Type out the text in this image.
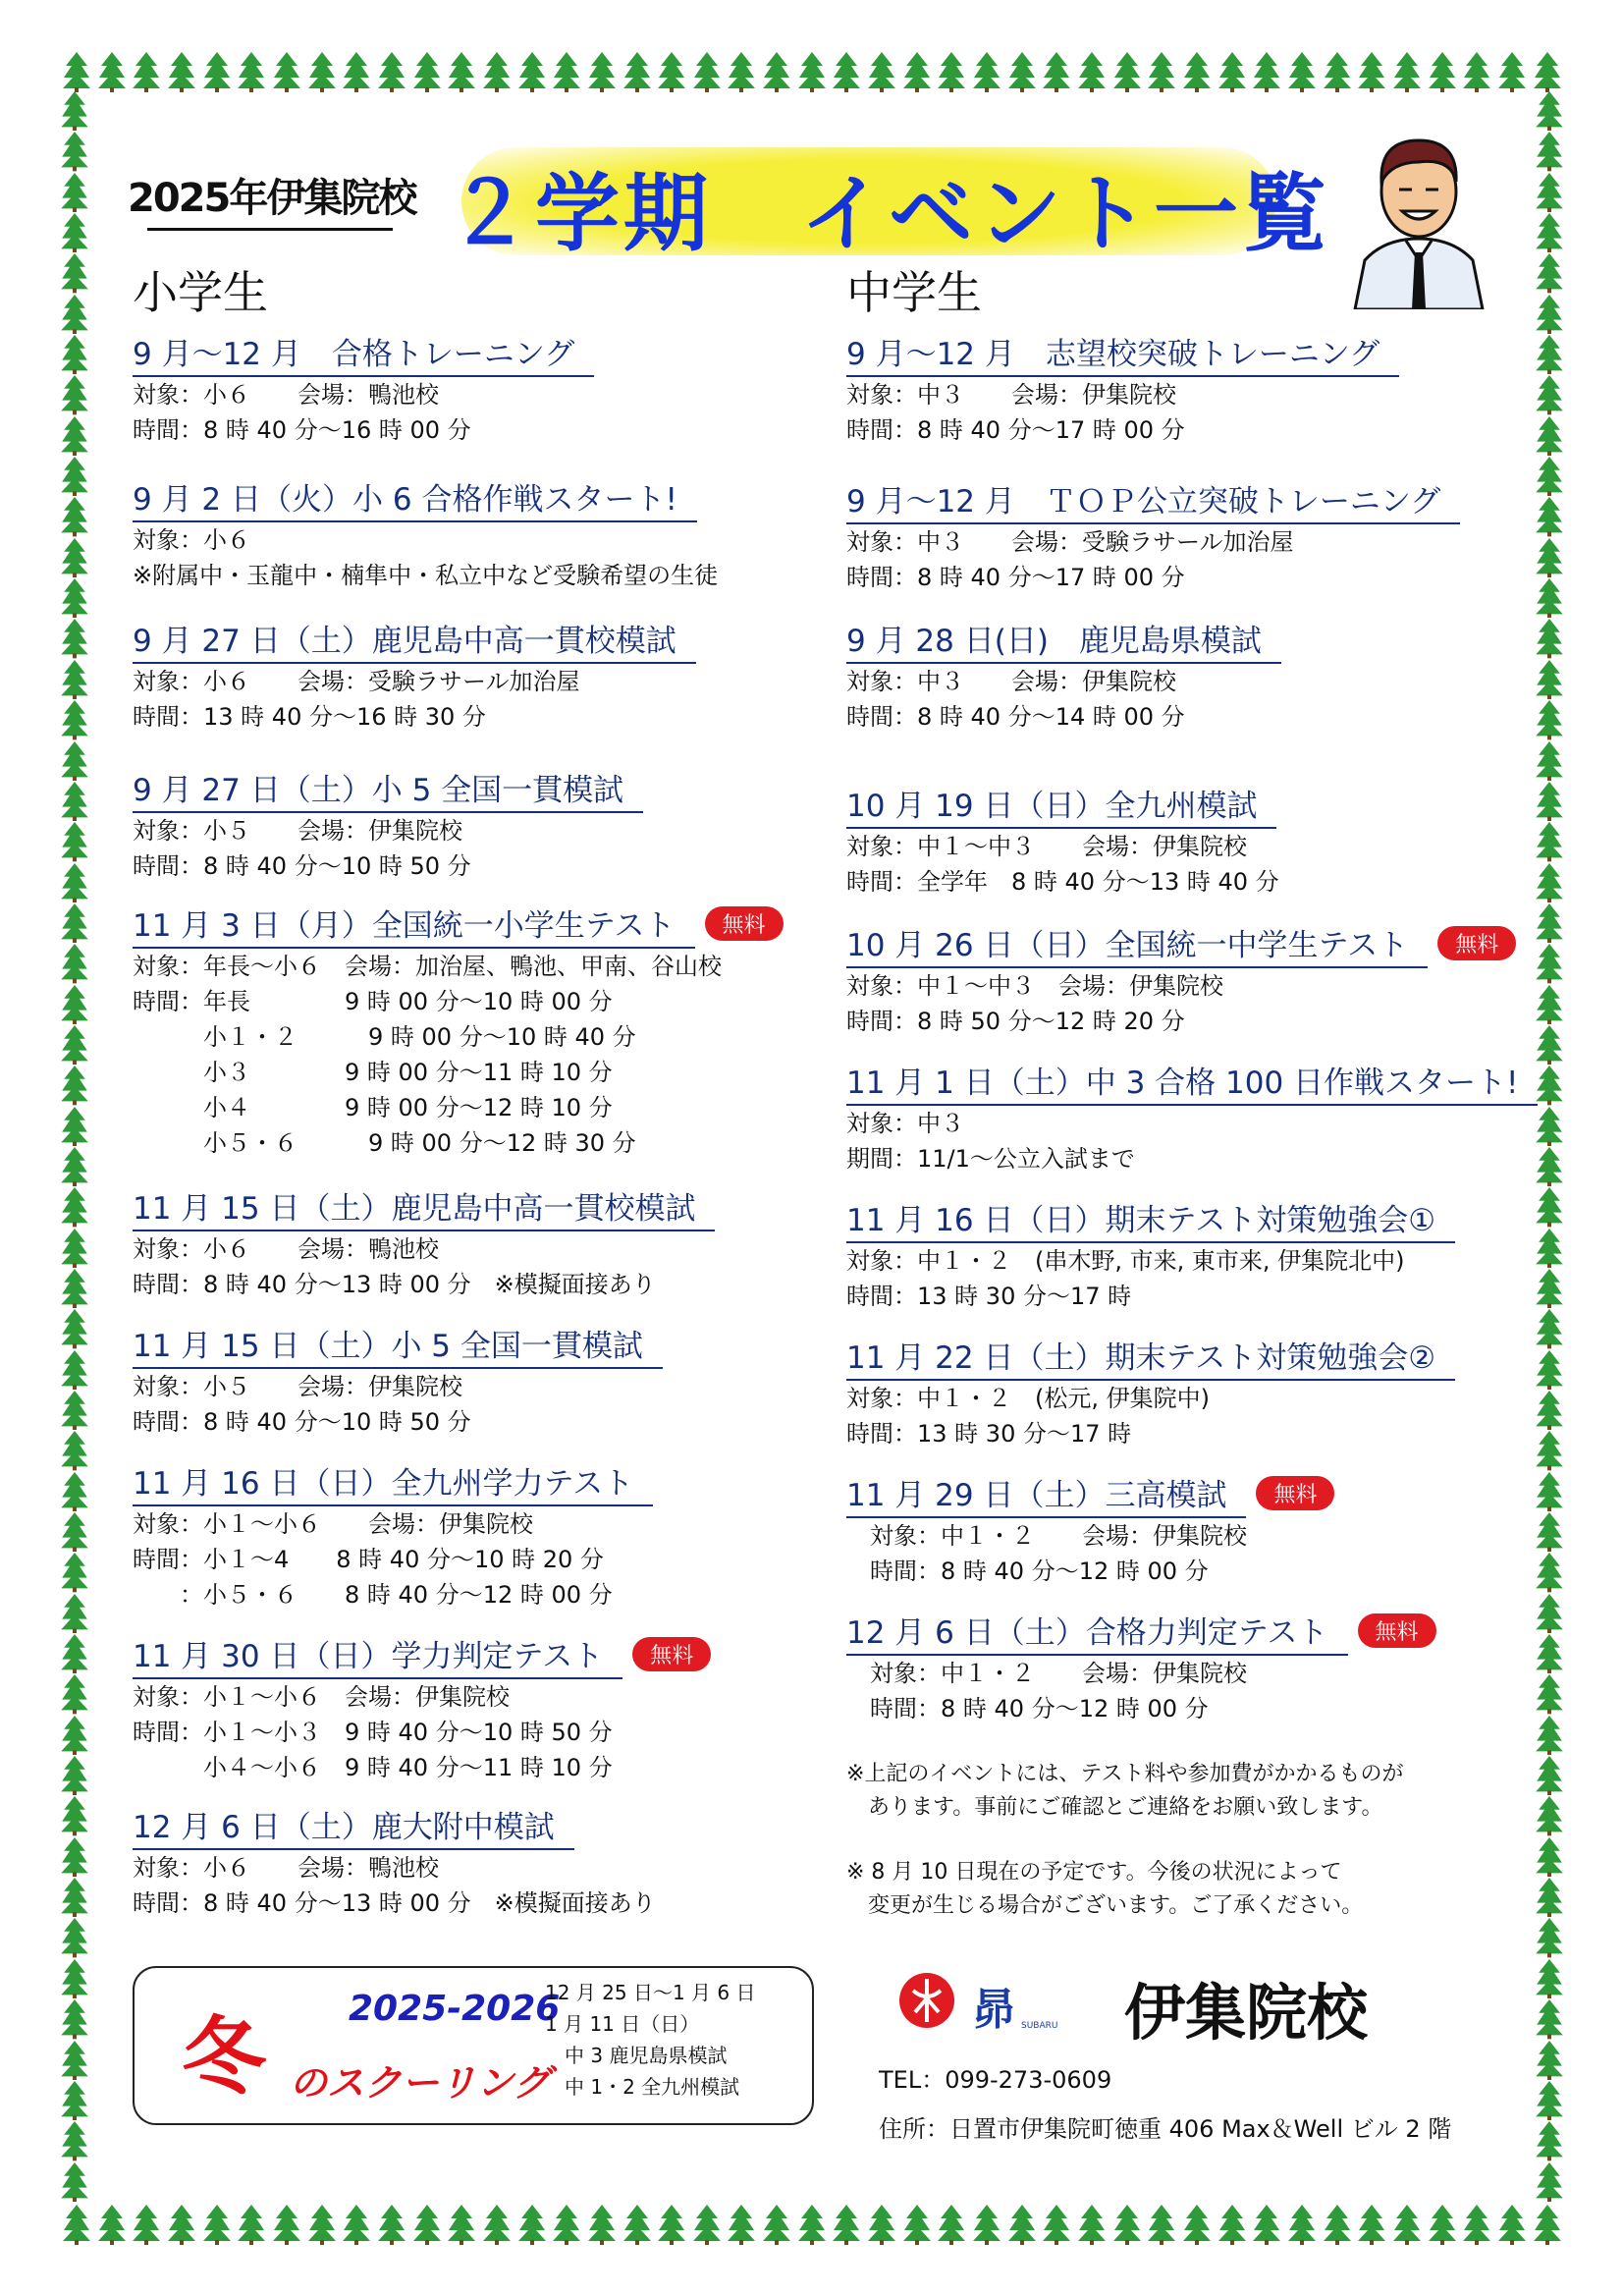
2025年伊集院校 ２学期　イベント一覧
小学生	中学生
9 月〜12 月　合格トレーニング
対象：小６　　会場：鴨池校
時間：8 時 40 分〜16 時 00 分
9 月 2 日（火）小 6 合格作戦スタート!
対象：小６
※附属中・玉龍中・楠隼中・私立中など受験希望の生徒
9 月 27 日（土）鹿児島中高一貫校模試
対象：小６　　会場：受験ラサール加治屋
時間：13 時 40 分〜16 時 30 分
9 月 27 日（土）小 5 全国一貫模試
対象：小５　　会場：伊集院校
時間：8 時 40 分〜10 時 50 分
11 月 3 日（月）全国統一小学生テスト 無料
対象：年長〜小６　会場：加治屋、鴨池、甲南、谷山校
時間：年長　　　　9 時 00 分〜10 時 00 分
　　　小１・２　　　9 時 00 分〜10 時 40 分
　　　小３　　　　9 時 00 分〜11 時 10 分
　　　小４　　　　9 時 00 分〜12 時 10 分
　　　小５・６　　　9 時 00 分〜12 時 30 分
11 月 15 日（土）鹿児島中高一貫校模試
対象：小６　　会場：鴨池校
時間：8 時 40 分〜13 時 00 分　※模擬面接あり
11 月 15 日（土）小 5 全国一貫模試
対象：小５　　会場：伊集院校
時間：8 時 40 分〜10 時 50 分
11 月 16 日（日）全九州学力テスト
対象：小１〜小６　　会場：伊集院校
時間：小１〜4　　8 時 40 分〜10 時 20 分
　　：小５・６　　8 時 40 分〜12 時 00 分
11 月 30 日（日）学力判定テスト 無料
対象：小１〜小６　会場：伊集院校
時間：小１〜小３　9 時 40 分〜10 時 50 分
　　　小４〜小６　9 時 40 分〜11 時 10 分
12 月 6 日（土）鹿大附中模試
対象：小６　　会場：鴨池校
時間：8 時 40 分〜13 時 00 分　※模擬面接あり
9 月〜12 月　志望校突破トレーニング
対象：中３　　会場：伊集院校
時間：8 時 40 分〜17 時 00 分
9 月〜12 月　ＴＯＰ公立突破トレーニング
対象：中３　　会場：受験ラサール加治屋
時間：8 時 40 分〜17 時 00 分
9 月 28 日(日)　鹿児島県模試
対象：中３　　会場：伊集院校
時間：8 時 40 分〜14 時 00 分
10 月 19 日（日）全九州模試
対象：中１〜中３　　会場：伊集院校
時間：全学年　8 時 40 分〜13 時 40 分
10 月 26 日（日）全国統一中学生テスト 無料
対象：中１〜中３　会場：伊集院校
時間：8 時 50 分〜12 時 20 分
11 月 1 日（土）中 3 合格 100 日作戦スタート!
対象：中３
期間：11/1〜公立入試まで
11 月 16 日（日）期末テスト対策勉強会①
対象：中１・２　(串木野, 市来, 東市来, 伊集院北中)
時間：13 時 30 分〜17 時
11 月 22 日（土）期末テスト対策勉強会②
対象：中１・２　(松元, 伊集院中)
時間：13 時 30 分〜17 時
11 月 29 日（土）三高模試 無料
　対象：中１・２　　会場：伊集院校
　時間：8 時 40 分〜12 時 00 分
12 月 6 日（土）合格力判定テスト 無料
　対象：中１・２　　会場：伊集院校
　時間：8 時 40 分〜12 時 00 分
※上記のイベントには、テスト料や参加費がかかるものが
　あります。事前にご確認とご連絡をお願い致します。
※ 8 月 10 日現在の予定です。今後の状況によって
　変更が生じる場合がございます。ご了承ください。
冬 2025-2026
のスクーリング
12 月 25 日〜1 月 6 日
1 月 11 日（日）
　中 3 鹿児島県模試
　中 1・2 全九州模試
昴 SUBARU 伊集院校
TEL：099-273-0609
住所：日置市伊集院町徳重 406 Max＆Well ビル 2 階
